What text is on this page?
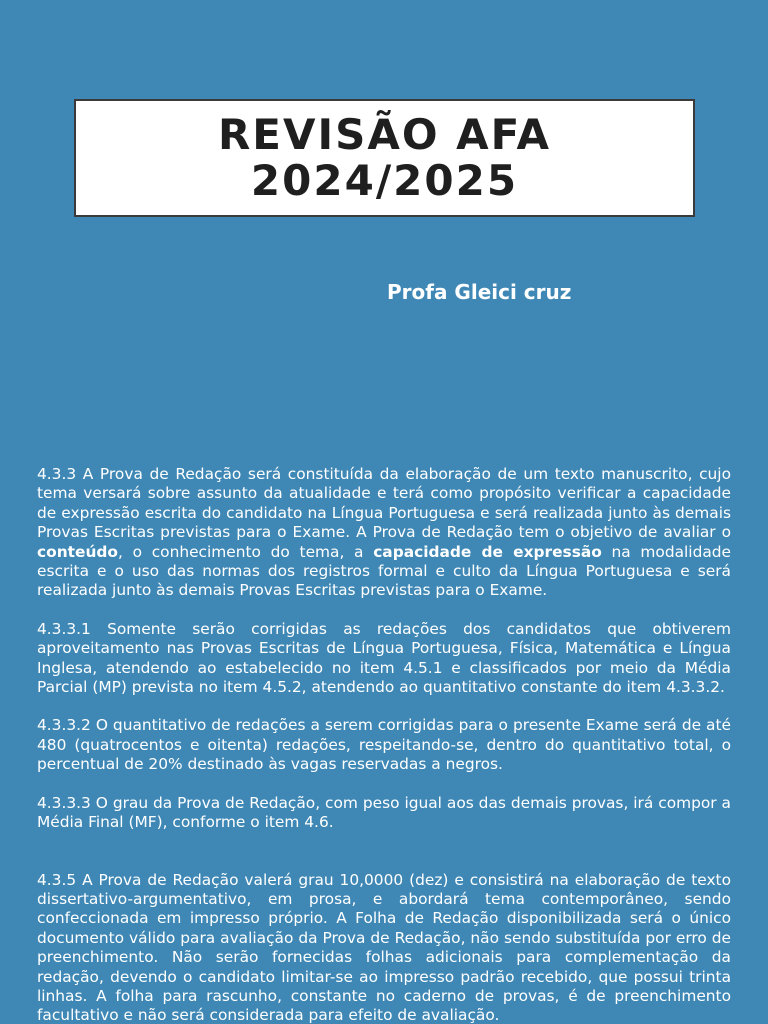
REVISÃO AFA
2024/2025
Profa Gleici cruz

4.3.3 A Prova de Redação será constituída da elaboração de um texto manuscrito, cujo tema versará sobre assunto da atualidade e terá como propósito verificar a capacidade de expressão escrita do candidato na Língua Portuguesa e será realizada junto às demais Provas Escritas previstas para o Exame. A Prova de Redação tem o objetivo de avaliar o conteúdo, o conhecimento do tema, a capacidade de expressão na modalidade escrita e o uso das normas dos registros formal e culto da Língua Portuguesa e será realizada junto às demais Provas Escritas previstas para o Exame.

4.3.3.1 Somente serão corrigidas as redações dos candidatos que obtiverem aproveitamento nas Provas Escritas de Língua Portuguesa, Física, Matemática e Língua Inglesa, atendendo ao estabelecido no item 4.5.1 e classificados por meio da Média Parcial (MP) prevista no item 4.5.2, atendendo ao quantitativo constante do item 4.3.3.2.

4.3.3.2 O quantitativo de redações a serem corrigidas para o presente Exame será de até 480 (quatrocentos e oitenta) redações, respeitando-se, dentro do quantitativo total, o percentual de 20% destinado às vagas reservadas a negros.

4.3.3.3 O grau da Prova de Redação, com peso igual aos das demais provas, irá compor a Média Final (MF), conforme o item 4.6.

4.3.5 A Prova de Redação valerá grau 10,0000 (dez) e consistirá na elaboração de texto dissertativo-argumentativo, em prosa, e abordará tema contemporâneo, sendo confeccionada em impresso próprio. A Folha de Redação disponibilizada será o único documento válido para avaliação da Prova de Redação, não sendo substituída por erro de preenchimento. Não serão fornecidas folhas adicionais para complementação da redação, devendo o candidato limitar-se ao impresso padrão recebido, que possui trinta linhas. A folha para rascunho, constante no caderno de provas, é de preenchimento facultativo e não será considerada para efeito de avaliação.
